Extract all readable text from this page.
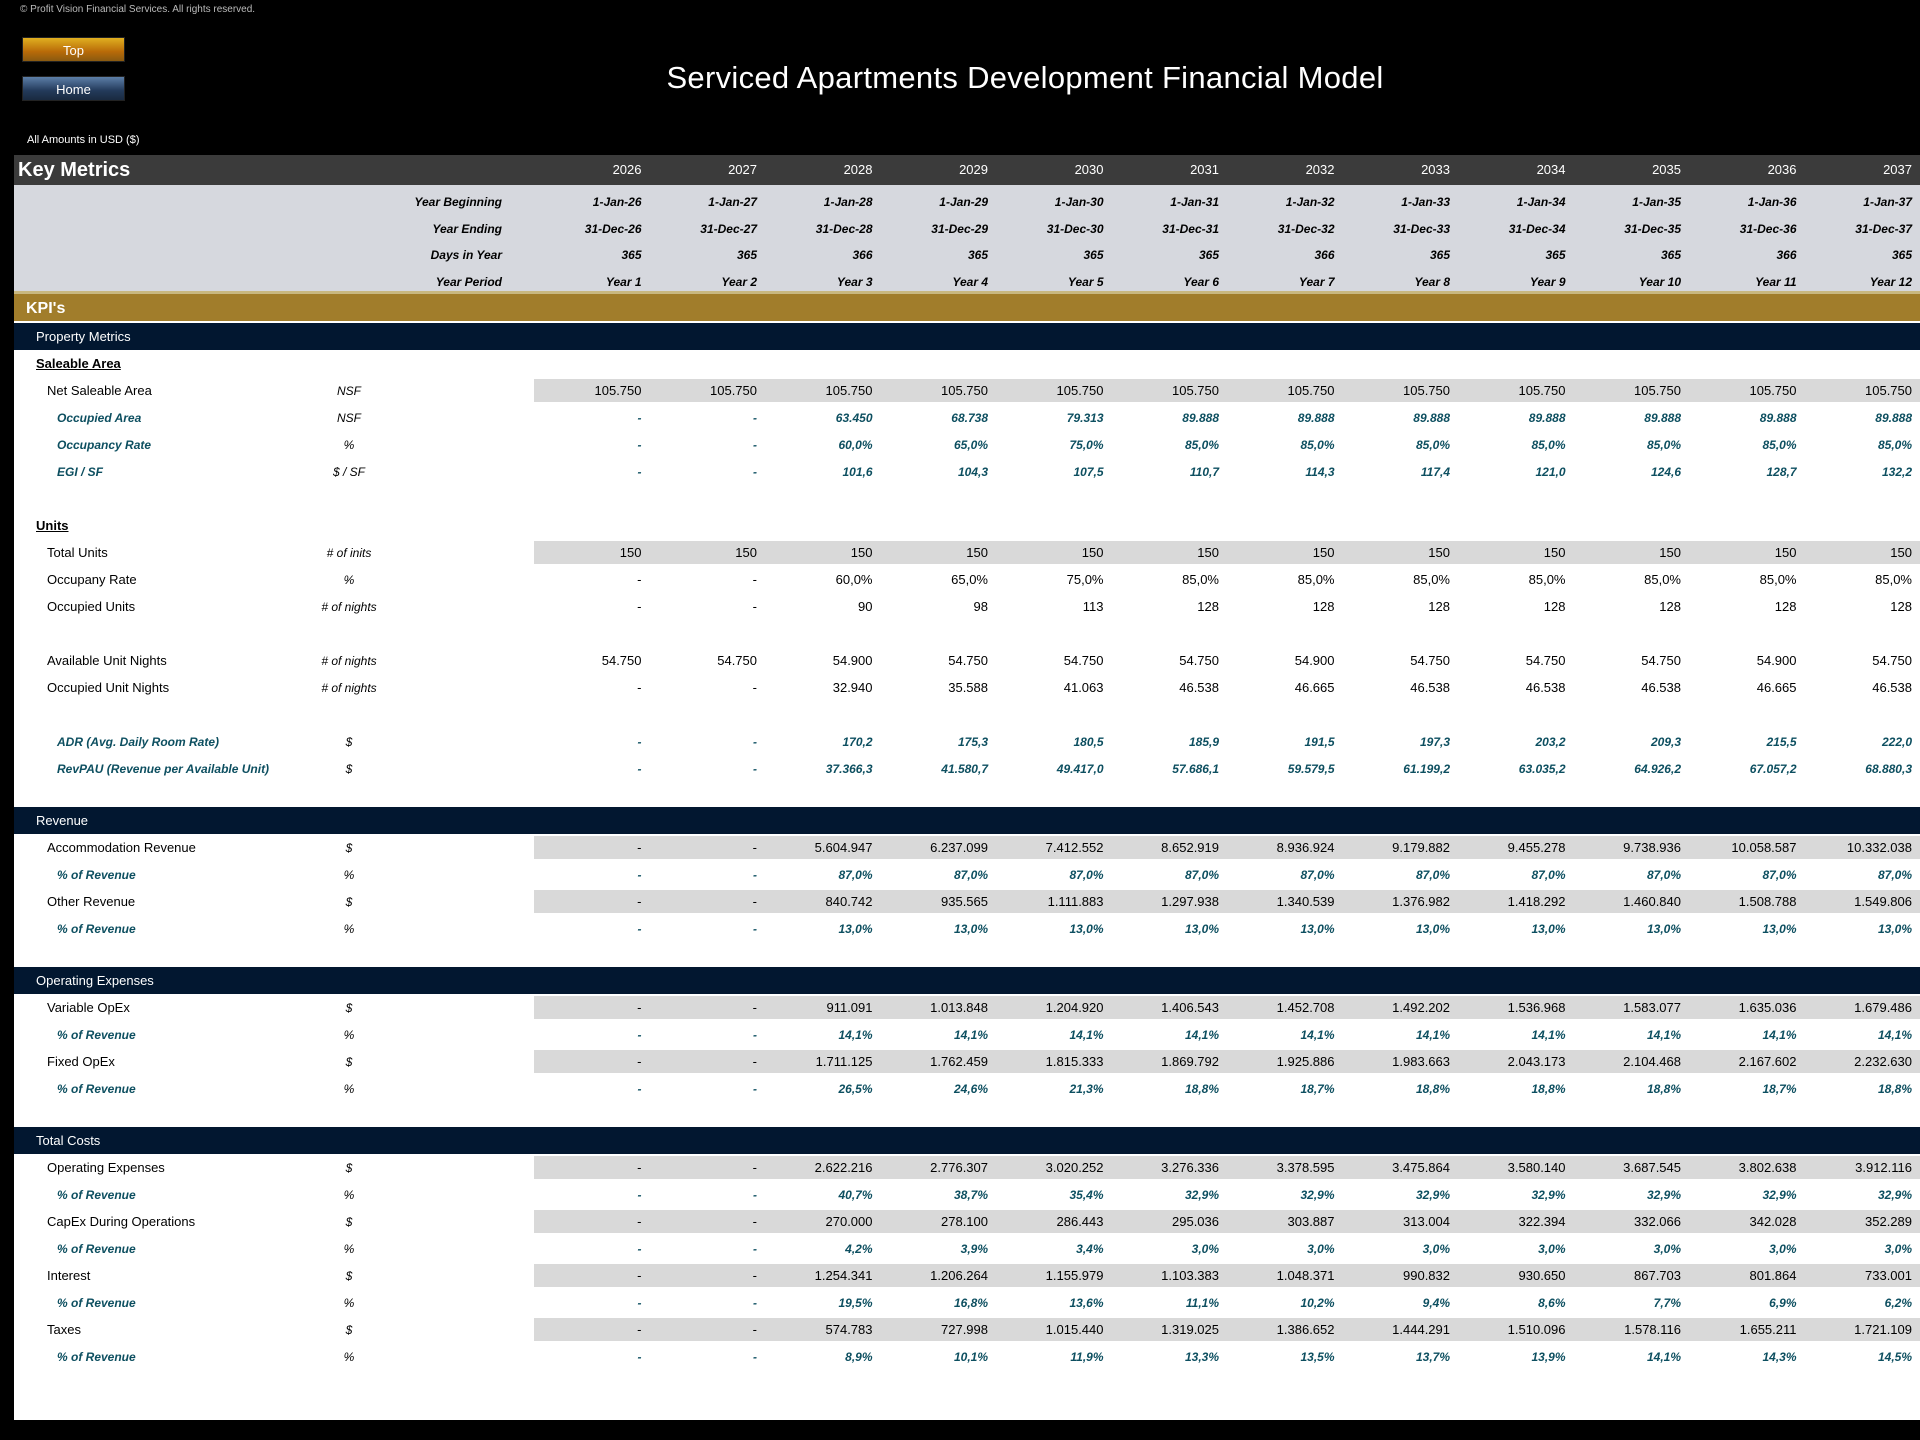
© Profit Vision Financial Services. All rights reserved.
Top
Home	Serviced Apartments Development Financial Model
All Amounts in USD ($)
Key Metrics	2026	2027	2028	2029	2030	2031	2032	2033	2034	2035	2036	2037
Year Beginning	1-Jan-26	1-Jan-27	1-Jan-28	1-Jan-29	1-Jan-30	1-Jan-31	1-Jan-32	1-Jan-33	1-Jan-34	1-Jan-35	1-Jan-36	1-Jan-37
Year Ending	31-Dec-26	31-Dec-27	31-Dec-28	31-Dec-29	31-Dec-30	31-Dec-31	31-Dec-32	31-Dec-33	31-Dec-34	31-Dec-35	31-Dec-36	31-Dec-37
Days in Year	365	365	366	365	365	365	366	365	365	365	366	365
Year Period	Year 1	Year 2	Year 3	Year 4	Year 5	Year 6	Year 7	Year 8	Year 9	Year 10	Year 11	Year 12
KPI's
Property Metrics
Saleable Area
Net Saleable Area	NSF	105.750	105.750	105.750	105.750	105.750	105.750	105.750	105.750	105.750	105.750	105.750	105.750
Occupied Area	NSF	-	-	63.450	68.738	79.313	89.888	89.888	89.888	89.888	89.888	89.888	89.888
Occupancy Rate	%	-	-	60,0%	65,0%	75,0%	85,0%	85,0%	85,0%	85,0%	85,0%	85,0%	85,0%
EGI / SF	$ / SF	-	-	101,6	104,3	107,5	110,7	114,3	117,4	121,0	124,6	128,7	132,2
Units
Total Units	# of inits	150	150	150	150	150	150	150	150	150	150	150	150
Occupany Rate	%	-	-	60,0%	65,0%	75,0%	85,0%	85,0%	85,0%	85,0%	85,0%	85,0%	85,0%
Occupied Units	# of nights	-	-	90	98	113	128	128	128	128	128	128	128
Available Unit Nights	# of nights	54.750	54.750	54.900	54.750	54.750	54.750	54.900	54.750	54.750	54.750	54.900	54.750
Occupied Unit Nights	# of nights	-	-	32.940	35.588	41.063	46.538	46.665	46.538	46.538	46.538	46.665	46.538
ADR (Avg. Daily Room Rate)	$	-	-	170,2	175,3	180,5	185,9	191,5	197,3	203,2	209,3	215,5	222,0
RevPAU (Revenue per Available Unit)	$	-	-	37.366,3	41.580,7	49.417,0	57.686,1	59.579,5	61.199,2	63.035,2	64.926,2	67.057,2	68.880,3
Revenue
Accommodation Revenue	$	-	-	5.604.947	6.237.099	7.412.552	8.652.919	8.936.924	9.179.882	9.455.278	9.738.936	10.058.587	10.332.038
% of Revenue	%	-	-	87,0%	87,0%	87,0%	87,0%	87,0%	87,0%	87,0%	87,0%	87,0%	87,0%
Other Revenue	$	-	-	840.742	935.565	1.111.883	1.297.938	1.340.539	1.376.982	1.418.292	1.460.840	1.508.788	1.549.806
% of Revenue	%	-	-	13,0%	13,0%	13,0%	13,0%	13,0%	13,0%	13,0%	13,0%	13,0%	13,0%
Operating Expenses
Variable OpEx	$	-	-	911.091	1.013.848	1.204.920	1.406.543	1.452.708	1.492.202	1.536.968	1.583.077	1.635.036	1.679.486
% of Revenue	%	-	-	14,1%	14,1%	14,1%	14,1%	14,1%	14,1%	14,1%	14,1%	14,1%	14,1%
Fixed OpEx	$	-	-	1.711.125	1.762.459	1.815.333	1.869.792	1.925.886	1.983.663	2.043.173	2.104.468	2.167.602	2.232.630
% of Revenue	%	-	-	26,5%	24,6%	21,3%	18,8%	18,7%	18,8%	18,8%	18,8%	18,7%	18,8%
Total Costs
Operating Expenses	$	-	-	2.622.216	2.776.307	3.020.252	3.276.336	3.378.595	3.475.864	3.580.140	3.687.545	3.802.638	3.912.116
% of Revenue	%	-	-	40,7%	38,7%	35,4%	32,9%	32,9%	32,9%	32,9%	32,9%	32,9%	32,9%
CapEx During Operations	$	-	-	270.000	278.100	286.443	295.036	303.887	313.004	322.394	332.066	342.028	352.289
% of Revenue	%	-	-	4,2%	3,9%	3,4%	3,0%	3,0%	3,0%	3,0%	3,0%	3,0%	3,0%
Interest	$	-	-	1.254.341	1.206.264	1.155.979	1.103.383	1.048.371	990.832	930.650	867.703	801.864	733.001
% of Revenue	%	-	-	19,5%	16,8%	13,6%	11,1%	10,2%	9,4%	8,6%	7,7%	6,9%	6,2%
Taxes	$	-	-	574.783	727.998	1.015.440	1.319.025	1.386.652	1.444.291	1.510.096	1.578.116	1.655.211	1.721.109
% of Revenue	%	-	-	8,9%	10,1%	11,9%	13,3%	13,5%	13,7%	13,9%	14,1%	14,3%	14,5%
